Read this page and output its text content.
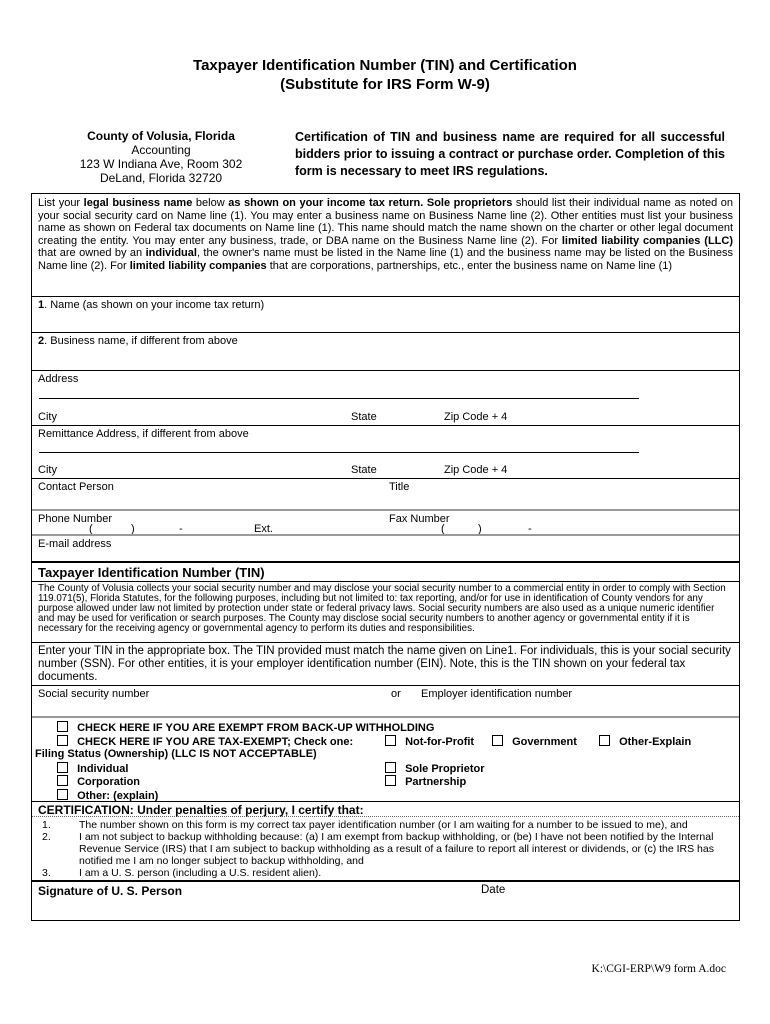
Taxpayer Identification Number (TIN) and Certification
(Substitute for IRS Form W-9)
County of Volusia, Florida
Accounting
123 W Indiana Ave, Room 302
DeLand, Florida 32720
Certification of TIN and business name are required for all successful bidders prior to issuing a contract or purchase order. Completion of this form is necessary to meet IRS regulations.
List your legal business name below as shown on your income tax return. Sole proprietors should list their individual name as noted on your social security card on Name line (1). You may enter a business name on Business Name line (2). Other entities must list your business name as shown on Federal tax documents on Name line (1). This name should match the name shown on the charter or other legal document creating the entity. You may enter any business, trade, or DBA name on the Business Name line (2). For limited liability companies (LLC) that are owned by an individual, the owner's name must be listed in the Name line (1) and the business name may be listed on the Business Name line (2). For limited liability companies that are corporations, partnerships, etc., enter the business name on Name line (1)
1. Name (as shown on your income tax return)
2. Business name, if different from above
Address
City	State	Zip Code + 4
Remittance Address, if different from above
City	State	Zip Code + 4
Contact Person	Title
Phone Number	Fax Number
(	)	-	Ext.	(	)	-
E-mail address
Taxpayer Identification Number (TIN)
The County of Volusia collects your social security number and may disclose your social security number to a commercial entity in order to comply with Section 119.071(5), Florida Statutes, for the following purposes, including but not limited to: tax reporting, and/or for use in identification of County vendors for any purpose allowed under law not limited by protection under state or federal privacy laws. Social security numbers are also used as a unique numeric identifier and may be used for verification or search purposes. The County may disclose social security numbers to another agency or governmental entity if it is necessary for the receiving agency or governmental agency to perform its duties and responsibilities.
Enter your TIN in the appropriate box. The TIN provided must match the name given on Line1. For individuals, this is your social security number (SSN). For other entities, it is your employer identification number (EIN). Note, this is the TIN shown on your federal tax documents.
Social security number	or Employer identification number
CHECK HERE IF YOU ARE EXEMPT FROM BACK-UP WITHHOLDING
CHECK HERE IF YOU ARE TAX-EXEMPT; Check one:	Not-for-Profit	Government	Other-Explain
Filing Status (Ownership) (LLC IS NOT ACCEPTABLE)
Individual	Sole Proprietor
Corporation	Partnership
Other: (explain)
CERTIFICATION: Under penalties of perjury, I certify that:
1.	The number shown on this form is my correct tax payer identification number (or I am waiting for a number to be issued to me), and
2.	I am not subject to backup withholding because: (a) I am exempt from backup withholding, or (be) I have not been notified by the Internal Revenue Service (IRS) that I am subject to backup withholding as a result of a failure to report all interest or dividends, or (c) the IRS has notified me I am no longer subject to backup withholding, and
3.	I am a U. S. person (including a U.S. resident alien).
Signature of U. S. Person	Date
K:\CGI-ERP\W9 form A.doc
